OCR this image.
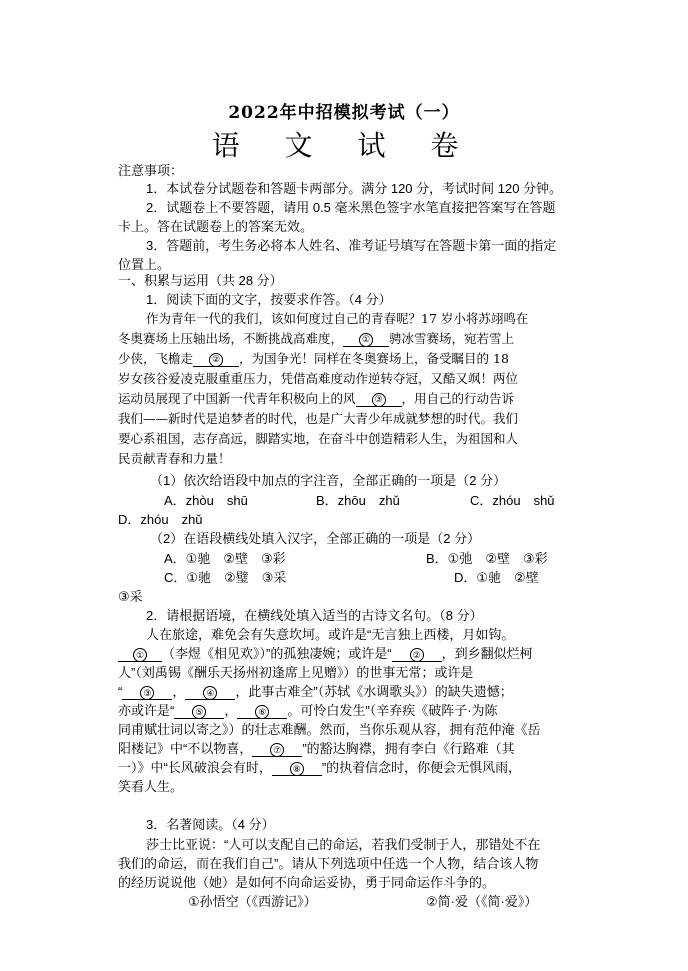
2022年中招模拟考试（一）
语 文 试 卷
注意事项：
1．本试卷分试题卷和答题卡两部分。满分 120 分，考试时间 120 分钟。
2．试题卷上不要答题，请用 0.5 毫米黑色签字水笔直接把答案写在答题
卡上。答在试题卷上的答案无效。
3．答题前，考生务必将本人姓名、准考证号填写在答题卡第一面的指定
位置上。
一、积累与运用（共 28 分）
1．阅读下面的文字，按要求作答。（4 分）
作为青年一代的我们，该如何度过自己的青春呢？17 岁小将苏翊鸣在
冬奥赛场上压轴出场，不断挑战高难度， ① 骋冰雪赛场，宛若雪上
少侠，飞檐走 ② ，为国争光！同样在冬奥赛场上，备受瞩目的 18
岁女孩谷爱凌克服重重压力，凭借高难度动作逆转夺冠，又酷又飒！两位
运动员展现了中国新一代青年积极向上的风 ③ ，用自己的行动告诉
我们——新时代是追梦者的时代，也是广大青少年成就梦想的时代。我们
要心系祖国，志存高远，脚踏实地，在奋斗中创造精彩人生，为祖国和人
民贡献青春和力量！
（1）依次给语段中加点的字注音，全部正确的一项是（2 分）
A．zhòu　shū	B．zhōu　zhǔ	C．zhóu　shǔ
D．zhóu　zhǔ
（2）在语段横线处填入汉字，全部正确的一项是（2 分）
A．①驰　②壁　③彩	B．①弛　②壁　③彩
C．①驰　②璧　③采	D．①驰　②壁
③采
2．请根据语境，在横线处填入适当的古诗文名句。（8 分）
人在旅途，难免会有失意坎坷。或许是“无言独上西楼，月如钩。
① （李煜《相见欢》）”的孤独凄婉；或许是“ ② ，到乡翻似烂柯
人”（刘禹锡《酬乐天扬州初逢席上见赠》）的世事无常；或许是
“ ③ ， ④ ，此事古难全”（苏轼《水调歌头》）的缺失遗憾；
亦或许是“ ⑤ ， ⑥ 。可怜白发生”（辛弃疾《破阵子·为陈
同甫赋壮词以寄之》）的壮志难酬。然而，当你乐观从容，拥有范仲淹《岳
阳楼记》中“不以物喜， ⑦ ”的豁达胸襟，拥有李白《行路难（其
一）》中“长风破浪会有时， ⑧ ”的执着信念时，你便会无惧风雨，
笑看人生。
3．名著阅读。（4 分）
莎士比亚说：“人可以支配自己的命运，若我们受制于人，那错处不在
我们的命运，而在我们自己”。请从下列选项中任选一个人物，结合该人物
的经历说说他（她）是如何不向命运妥协，勇于同命运作斗争的。
①孙悟空（《西游记》）	②简·爱（《简·爱》）
